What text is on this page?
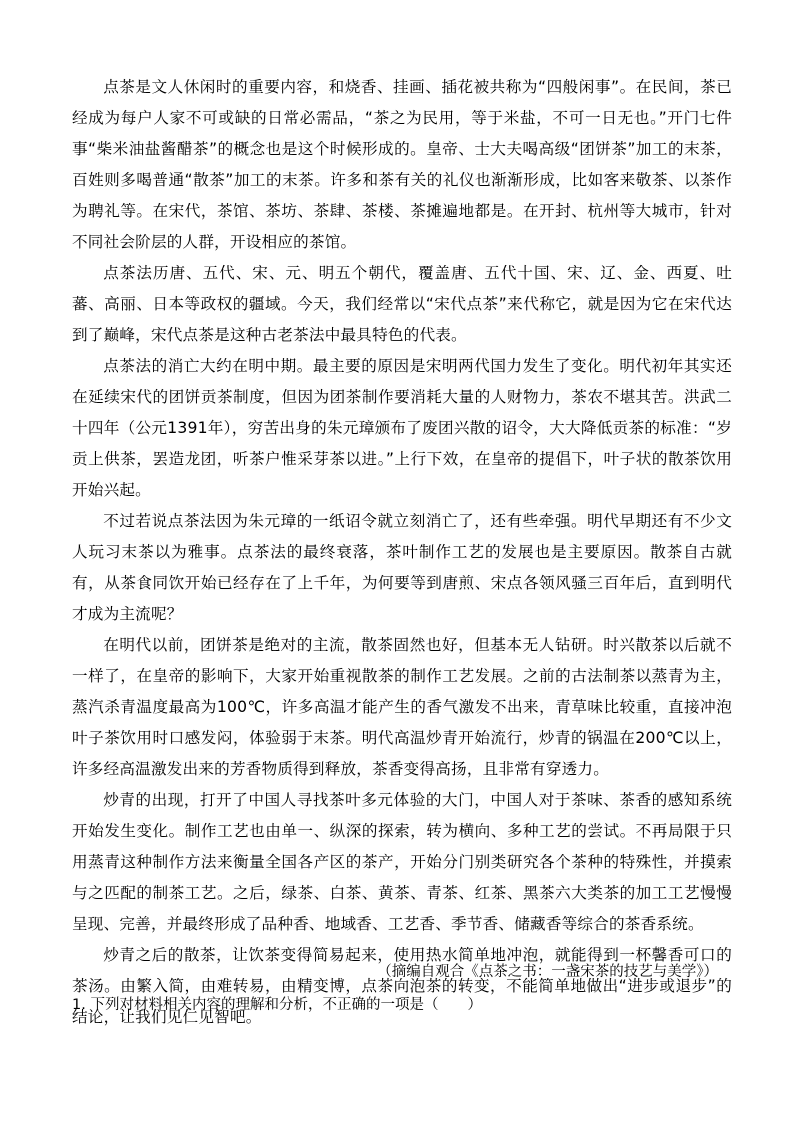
点茶是文人休闲时的重要内容，和烧香、挂画、插花被共称为“四般闲事”。在民间，茶已经成为每户人家不可或缺的日常必需品，“茶之为民用，等于米盐，不可一日无也。”开门七件事“柴米油盐酱醋茶”的概念也是这个时候形成的。皇帝、士大夫喝高级“团饼茶”加工的末茶，百姓则多喝普通“散茶”加工的末茶。许多和茶有关的礼仪也渐渐形成，比如客来敬茶、以茶作为聘礼等。在宋代，茶馆、茶坊、茶肆、茶楼、茶摊遍地都是。在开封、杭州等大城市，针对不同社会阶层的人群，开设相应的茶馆。

点茶法历唐、五代、宋、元、明五个朝代，覆盖唐、五代十国、宋、辽、金、西夏、吐蕃、高丽、日本等政权的疆域。今天，我们经常以“宋代点茶”来代称它，就是因为它在宋代达到了巅峰，宋代点茶是这种古老茶法中最具特色的代表。

点茶法的消亡大约在明中期。最主要的原因是宋明两代国力发生了变化。明代初年其实还在延续宋代的团饼贡茶制度，但因为团茶制作要消耗大量的人财物力，茶农不堪其苦。洪武二十四年（公元1391年），穷苦出身的朱元璋颁布了废团兴散的诏令，大大降低贡茶的标准：“岁贡上供茶，罢造龙团，听茶户惟采芽茶以进。”上行下效，在皇帝的提倡下，叶子状的散茶饮用开始兴起。

不过若说点茶法因为朱元璋的一纸诏令就立刻消亡了，还有些牵强。明代早期还有不少文人玩习末茶以为雅事。点茶法的最终衰落，茶叶制作工艺的发展也是主要原因。散茶自古就有，从茶食同饮开始已经存在了上千年，为何要等到唐煎、宋点各领风骚三百年后，直到明代才成为主流呢？

在明代以前，团饼茶是绝对的主流，散茶固然也好，但基本无人钻研。时兴散茶以后就不一样了，在皇帝的影响下，大家开始重视散茶的制作工艺发展。之前的古法制茶以蒸青为主，蒸汽杀青温度最高为100℃，许多高温才能产生的香气激发不出来，青草味比较重，直接冲泡叶子茶饮用时口感发闷，体验弱于末茶。明代高温炒青开始流行，炒青的锅温在200℃以上，许多经高温激发出来的芳香物质得到释放，茶香变得高扬，且非常有穿透力。

炒青的出现，打开了中国人寻找茶叶多元体验的大门，中国人对于茶味、茶香的感知系统开始发生变化。制作工艺也由单一、纵深的探索，转为横向、多种工艺的尝试。不再局限于只用蒸青这种制作方法来衡量全国各产区的茶产，开始分门别类研究各个茶种的特殊性，并摸索与之匹配的制茶工艺。之后，绿茶、白茶、黄茶、青茶、红茶、黑茶六大类茶的加工工艺慢慢呈现、完善，并最终形成了品种香、地域香、工艺香、季节香、储藏香等综合的茶香系统。

炒青之后的散茶，让饮茶变得简易起来，使用热水简单地冲泡，就能得到一杯馨香可口的茶汤。由繁入简，由难转易，由精变博，点茶向泡茶的转变，不能简单地做出“进步或退步”的结论，让我们见仁见智吧。

（摘编自观合《点茶之书：一盏宋茶的技艺与美学》）
1. 下列对材料相关内容的理解和分析，不正确的一项是（　　）
